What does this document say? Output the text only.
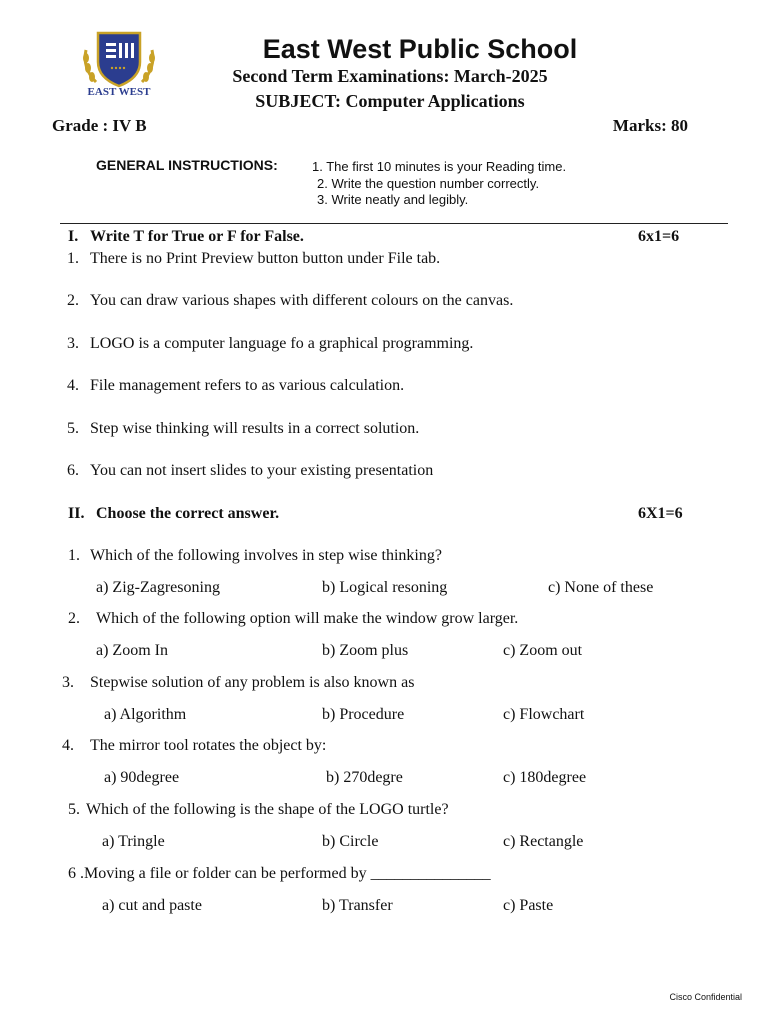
EAST WEST
East West Public School
Second Term Examinations: March-2025
SUBJECT: Computer Applications
Grade : IV B	Marks: 80
GENERAL INSTRUCTIONS:	1. The first 10 minutes is your Reading time.
2. Write the question number correctly.
3. Write neatly and legibly.
I. Write T for True or F for False.	6x1=6
1. There is no Print Preview button button under File tab.
2. You can draw various shapes with different colours on the canvas.
3. LOGO is a computer language fo a graphical programming.
4. File management refers to as various calculation.
5. Step wise thinking will results in a correct solution.
6. You can not insert slides to your existing presentation
II. Choose the correct answer.	6X1=6
1. Which of the following involves in step wise thinking?
a) Zig-Zagresoning	b) Logical resoning	c) None of these
2. Which of the following option will make the window grow larger.
a) Zoom In	b) Zoom plus	c) Zoom out
3. Stepwise solution of any problem is also known as
a) Algorithm	b) Procedure	c) Flowchart
4. The mirror tool rotates the object by:
a) 90degree	b) 270degre	c) 180degree
5. Which of the following is the shape of the LOGO turtle?
a) Tringle	b) Circle	c) Rectangle
6 . Moving a file or folder can be performed by _______________
a) cut and paste	b) Transfer	c) Paste
Cisco Confidential
